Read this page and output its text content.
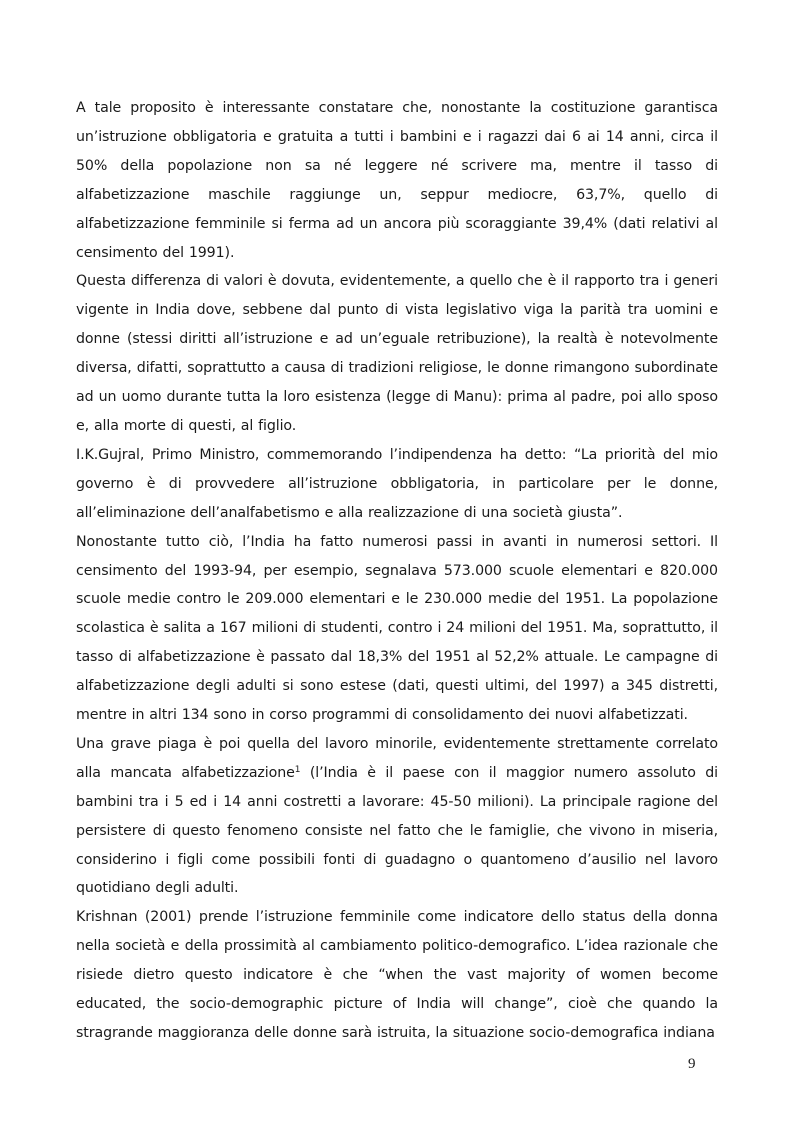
A tale proposito è interessante constatare che, nonostante la costituzione garantisca un’istruzione obbligatoria e gratuita a tutti i bambini e i ragazzi dai 6 ai 14 anni, circa il 50% della popolazione non sa né leggere né scrivere ma, mentre il tasso di alfabetizzazione maschile raggiunge un, seppur mediocre, 63,7%, quello di alfabetizzazione femminile si ferma ad un ancora più scoraggiante 39,4% (dati relativi al censimento del 1991).

Questa differenza di valori è dovuta, evidentemente, a quello che è il rapporto tra i generi vigente in India dove, sebbene dal punto di vista legislativo viga la parità tra uomini e donne (stessi diritti all’istruzione e ad un’eguale retribuzione), la realtà è notevolmente diversa, difatti, soprattutto a causa di tradizioni religiose, le donne rimangono subordinate ad un uomo durante tutta la loro esistenza (legge di Manu): prima al padre, poi allo sposo e, alla morte di questi, al figlio.

I.K.Gujral, Primo Ministro, commemorando l’indipendenza ha detto: “La priorità del mio governo è di provvedere all’istruzione obbligatoria, in particolare per le donne, all’eliminazione dell’analfabetismo e alla realizzazione di una società giusta”.

Nonostante tutto ciò, l’India ha fatto numerosi passi in avanti in numerosi settori. Il censimento del 1993-94, per esempio, segnalava 573.000 scuole elementari e 820.000 scuole medie contro le 209.000 elementari e le 230.000 medie del 1951. La popolazione scolastica è salita a 167 milioni di studenti, contro i 24 milioni del 1951. Ma, soprattutto, il tasso di alfabetizzazione è passato dal 18,3% del 1951 al 52,2% attuale. Le campagne di alfabetizzazione degli adulti si sono estese (dati, questi ultimi, del 1997) a 345 distretti, mentre in altri 134 sono in corso programmi di consolidamento dei nuovi alfabetizzati.

Una grave piaga è poi quella del lavoro minorile, evidentemente strettamente correlato alla mancata alfabetizzazione$^1$ (l’India è il paese con il maggior numero assoluto di bambini tra i 5 ed i 14 anni costretti a lavorare: 45-50 milioni). La principale ragione del persistere di questo fenomeno consiste nel fatto che le famiglie, che vivono in miseria, considerino i figli come possibili fonti di guadagno o quantomeno d’ausilio nel lavoro quotidiano degli adulti.

Krishnan (2001) prende l’istruzione femminile come indicatore dello status della donna nella società e della prossimità al cambiamento politico-demografico. L’idea razionale che risiede dietro questo indicatore è che “when the vast majority of women become educated, the socio-demographic picture of India will change”, cioè che quando la stragrande maggioranza delle donne sarà istruita, la situazione socio-demografica indiana

9
